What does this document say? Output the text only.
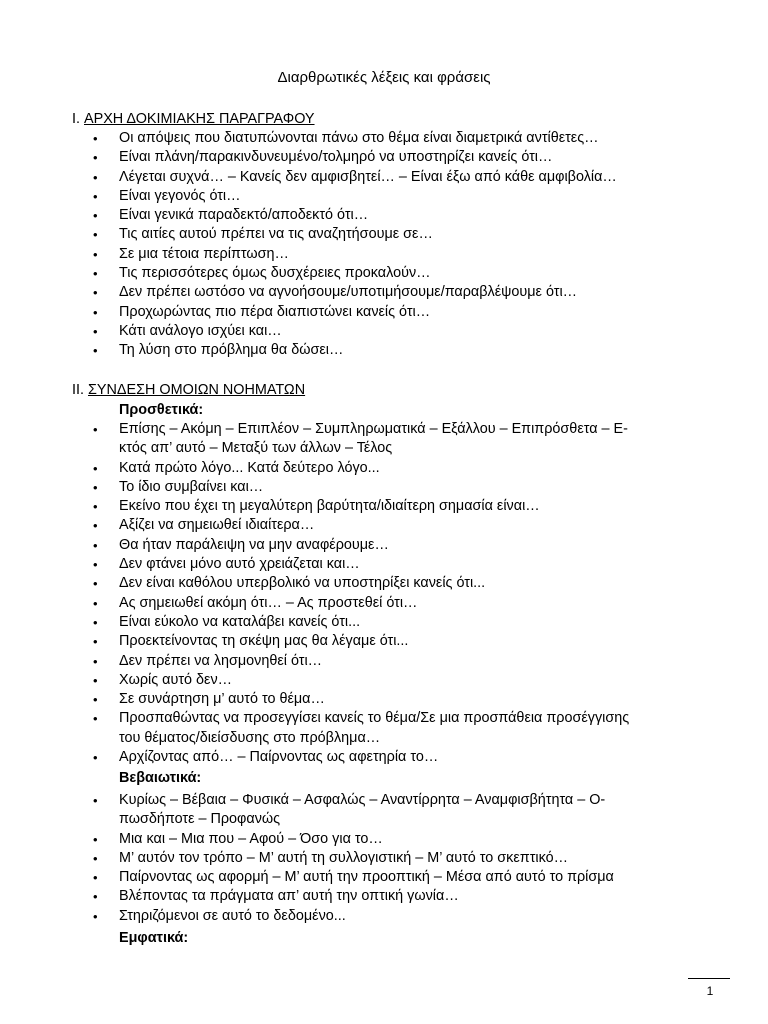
Διαρθρωτικές λέξεις και φράσεις
I. ΑΡΧΗ ΔΟΚΙΜΙΑΚΗΣ ΠΑΡΑΓΡΑΦΟΥ
• Οι απόψεις που διατυπώνονται πάνω στο θέμα είναι διαμετρικά αντίθετες…
• Είναι πλάνη/παρακινδυνευμένο/τολμηρό να υποστηρίζει κανείς ότι…
• Λέγεται συχνά… – Κανείς δεν αμφισβητεί… – Είναι έξω από κάθε αμφιβολία…
• Είναι γεγονός ότι…
• Είναι γενικά παραδεκτό/αποδεκτό ότι…
• Τις αιτίες αυτού πρέπει να τις αναζητήσουμε σε…
• Σε μια τέτοια περίπτωση…
• Τις περισσότερες όμως δυσχέρειες προκαλούν…
• Δεν πρέπει ωστόσο να αγνοήσουμε/υποτιμήσουμε/παραβλέψουμε ότι…
• Προχωρώντας πιο πέρα διαπιστώνει κανείς ότι…
• Κάτι ανάλογο ισχύει και…
• Τη λύση στο πρόβλημα θα δώσει…
II. ΣΥΝΔΕΣΗ ΟΜΟΙΩΝ ΝΟΗΜΑΤΩΝ
Προσθετικά:
• Επίσης – Ακόμη – Επιπλέον – Συμπληρωματικά – Εξάλλου – Επιπρόσθετα – Ε-
κτός απ’ αυτό – Μεταξύ των άλλων – Τέλος
• Κατά πρώτο λόγο... Κατά δεύτερο λόγο...
• Το ίδιο συμβαίνει και…
• Εκείνο που έχει τη μεγαλύτερη βαρύτητα/ιδιαίτερη σημασία είναι…
• Αξίζει να σημειωθεί ιδιαίτερα…
• Θα ήταν παράλειψη να μην αναφέρουμε…
• Δεν φτάνει μόνο αυτό χρειάζεται και…
• Δεν είναι καθόλου υπερβολικό να υποστηρίξει κανείς ότι...
• Ας σημειωθεί ακόμη ότι… – Ας προστεθεί ότι…
• Είναι εύκολο να καταλάβει κανείς ότι...
• Προεκτείνοντας τη σκέψη μας θα λέγαμε ότι...
• Δεν πρέπει να λησμονηθεί ότι…
• Χωρίς αυτό δεν…
• Σε συνάρτηση μ’ αυτό το θέμα…
• Προσπαθώντας να προσεγγίσει κανείς το θέμα/Σε μια προσπάθεια προσέγγισης
του θέματος/διείσδυσης στο πρόβλημα…
• Αρχίζοντας από… – Παίρνοντας ως αφετηρία το…
Βεβαιωτικά:
• Κυρίως – Βέβαια – Φυσικά – Ασφαλώς – Αναντίρρητα – Αναμφισβήτητα – Ο-
πωσδήποτε – Προφανώς
• Μια και – Μια που – Αφού – Όσο για το…
• Μ’ αυτόν τον τρόπο – Μ’ αυτή τη συλλογιστική – Μ’ αυτό το σκεπτικό…
• Παίρνοντας ως αφορμή – Μ’ αυτή την προοπτική – Μέσα από αυτό το πρίσμα
• Βλέποντας τα πράγματα απ’ αυτή την οπτική γωνία…
• Στηριζόμενοι σε αυτό το δεδομένο...
Εμφατικά:
1
